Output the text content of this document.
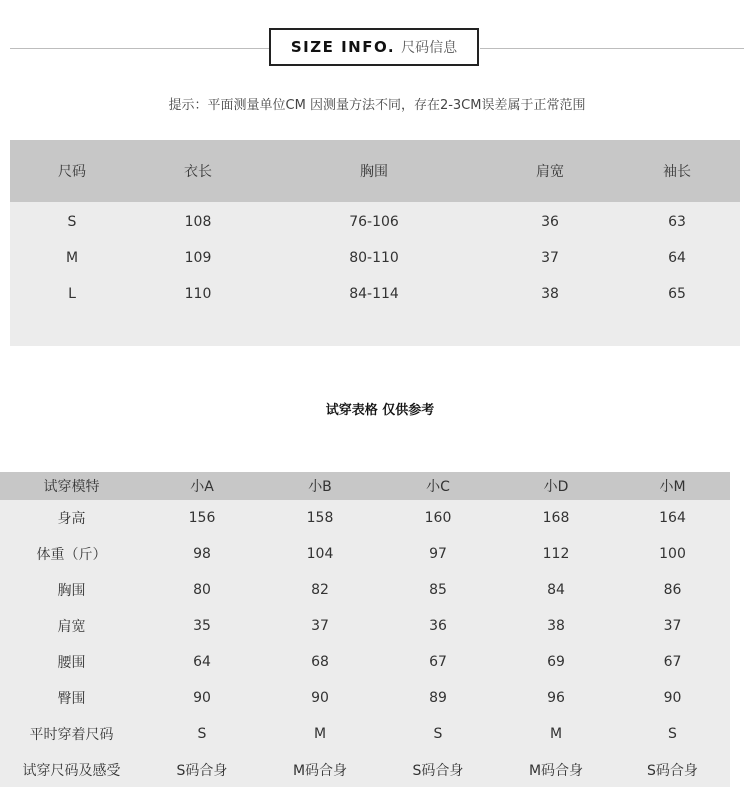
SIZE INFO. 尺码信息
提示：平面测量单位CM 因测量方法不同，存在2-3CM误差属于正常范围
尺码	衣长	胸围	肩宽	袖长
S	108	76-106	36	63
M	109	80-110	37	64
L	110	84-114	38	65
试穿表格 仅供参考
试穿模特	小A	小B	小C	小D	小M
身高	156	158	160	168	164
体重（斤）	98	104	97	112	100
胸围	80	82	85	84	86
肩宽	35	37	36	38	37
腰围	64	68	67	69	67
臀围	90	90	89	96	90
平时穿着尺码	S	M	S	M	S
试穿尺码及感受	S码合身	M码合身	S码合身	M码合身	S码合身
